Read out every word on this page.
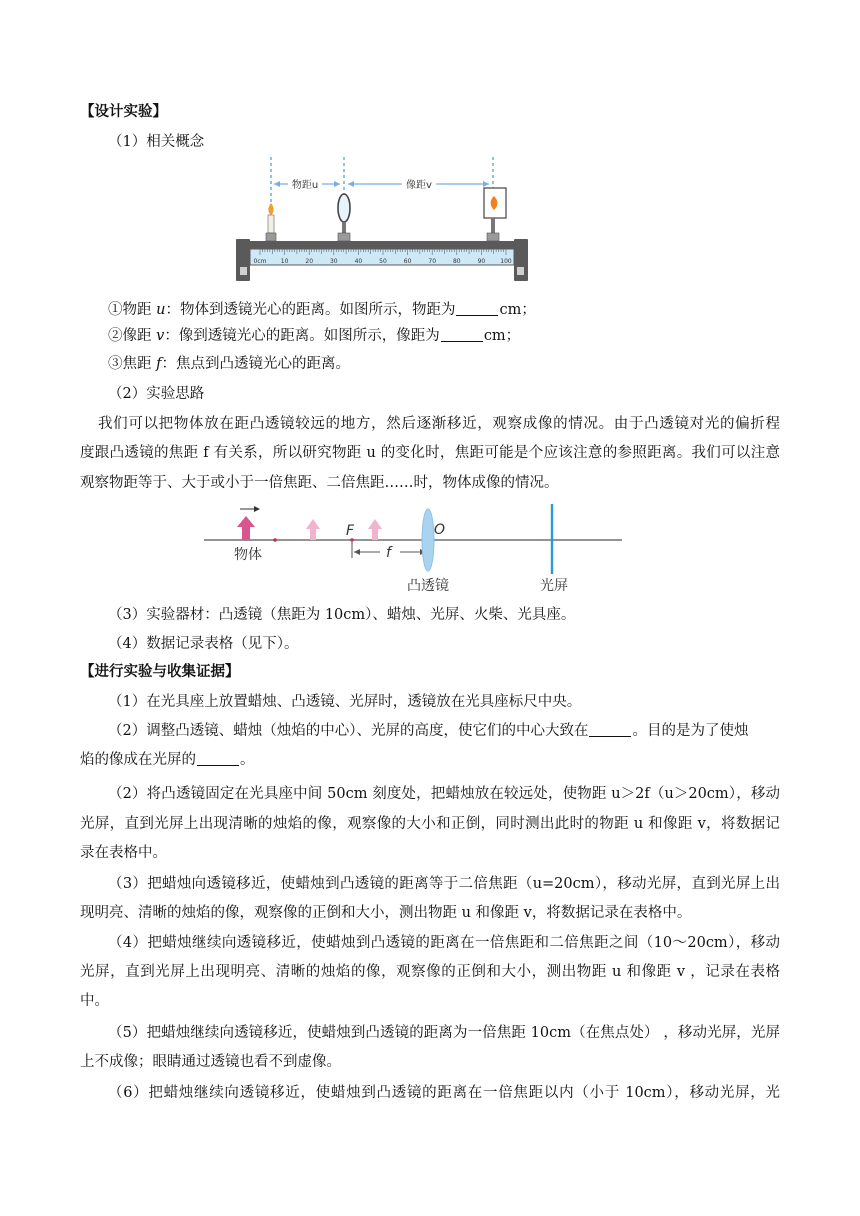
【设计实验】
（1）相关概念
物距u	像距v
0cm 10	20	30	40	50	60	70	80	90	100
①物距 u：物体到透镜光心的距离。如图所示，物距为	cm；
②像距 v：像到透镜光心的距离。如图所示，像距为	cm；
③焦距 f：焦点到凸透镜光心的距离。
（2）实验思路
我们可以把物体放在距凸透镜较远的地方，然后逐渐移近，观察成像的情况。由于凸透镜对光的偏折程
度跟凸透镜的焦距 f 有关系，所以研究物距 u 的变化时，焦距可能是个应该注意的参照距离。我们可以注意
观察物距等于、大于或小于一倍焦距、二倍焦距……时，物体成像的情况。
物体
F	O
f
凸透镜	光屏
（3）实验器材：凸透镜（焦距为 10cm）、蜡烛、光屏、火柴、光具座。
（4）数据记录表格（见下）。
【进行实验与收集证据】
（1）在光具座上放置蜡烛、凸透镜、光屏时，透镜放在光具座标尺中央。
（2）调整凸透镜、蜡烛（烛焰的中心）、光屏的高度，使它们的中心大致在	。目的是为了使烛
焰的像成在光屏的	。
（2）将凸透镜固定在光具座中间 50cm 刻度处，把蜡烛放在较远处，使物距 u＞2f（u＞20cm），移动
光屏，直到光屏上出现清晰的烛焰的像，观察像的大小和正倒，同时测出此时的物距 u 和像距 v，将数据记
录在表格中。
（3）把蜡烛向透镜移近，使蜡烛到凸透镜的距离等于二倍焦距（u=20cm），移动光屏，直到光屏上出
现明亮、清晰的烛焰的像，观察像的正倒和大小，测出物距 u 和像距 v，将数据记录在表格中。
（4）把蜡烛继续向透镜移近，使蜡烛到凸透镜的距离在一倍焦距和二倍焦距之间（10～20cm），移动
光屏，直到光屏上出现明亮、清晰的烛焰的像，观察像的正倒和大小，测出物距 u 和像距 v ，记录在表格
中。
（5）把蜡烛继续向透镜移近，使蜡烛到凸透镜的距离为一倍焦距 10cm（在焦点处） ，移动光屏，光屏
上不成像；眼睛通过透镜也看不到虚像。
（6）把蜡烛继续向透镜移近，使蜡烛到凸透镜的距离在一倍焦距以内（小于 10cm），移动光屏，光
